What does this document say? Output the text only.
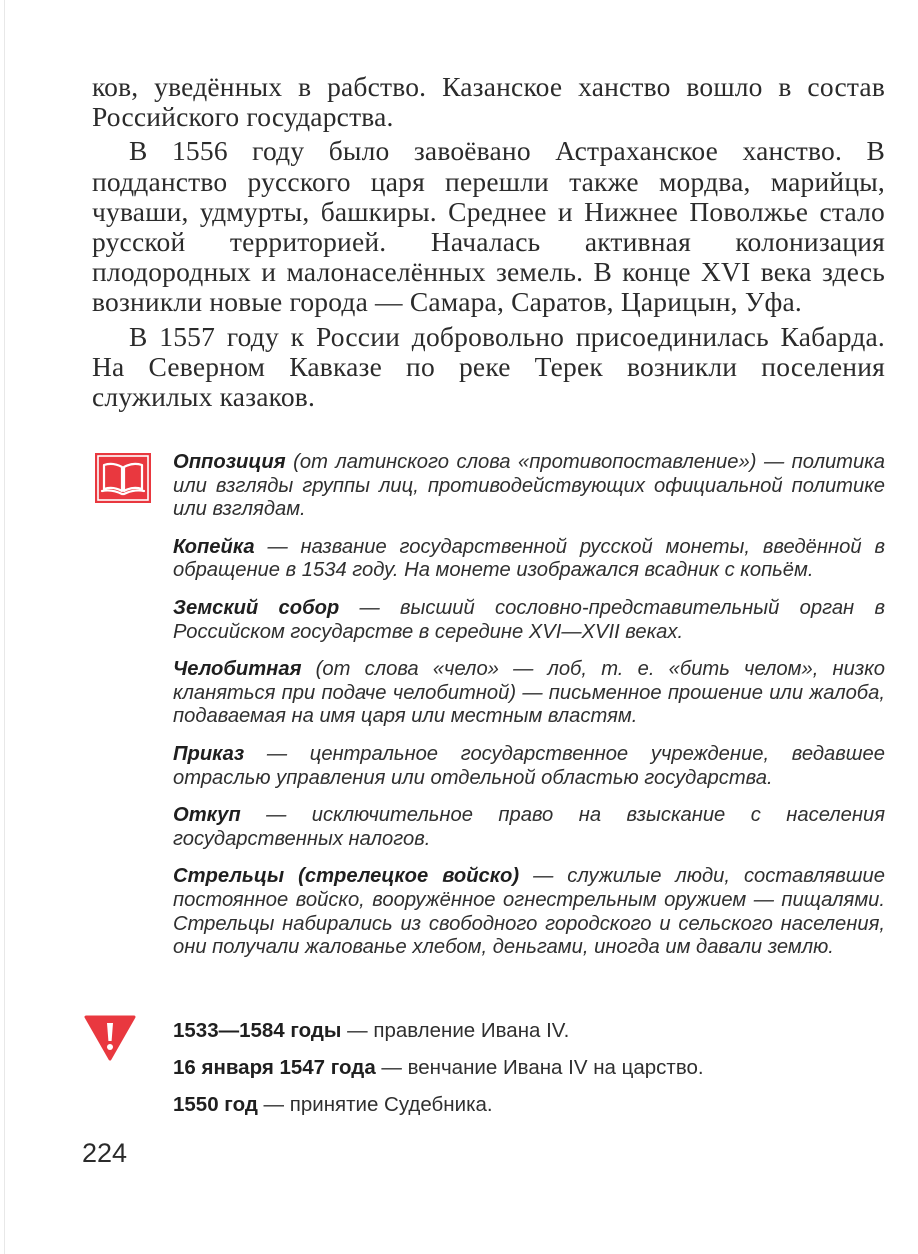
ков, уведённых в рабство. Казанское ханство вошло в состав Российского государства.

В 1556 году было завоёвано Астраханское ханство. В подданство русского царя перешли также мордва, марийцы, чуваши, удмурты, башкиры. Среднее и Нижнее Поволжье стало русской территорией. Началась активная колонизация плодородных и малонаселённых земель. В конце XVI века здесь возникли новые города — Самара, Саратов, Царицын, Уфа.

В 1557 году к России добровольно присоединилась Кабарда. На Северном Кавказе по реке Терек возникли поселения служилых казаков.

Оппозиция (от латинского слова «противопоставление») — политика или взгляды группы лиц, противодействующих официальной политике или взглядам.

Копейка — название государственной русской монеты, введённой в обращение в 1534 году. На монете изображался всадник с копьём.

Земский собор — высший сословно-представительный орган в Российском государстве в середине XVI—XVII веках.

Челобитная (от слова «чело» — лоб, т. е. «бить челом», низко кланяться при подаче челобитной) — письменное прошение или жалоба, подаваемая на имя царя или местным властям.

Приказ — центральное государственное учреждение, ведавшее отраслью управления или отдельной областью государства.

Откуп — исключительное право на взыскание с населения государственных налогов.

Стрельцы (стрелецкое войско) — служилые люди, составлявшие постоянное войско, вооружённое огнестрельным оружием — пищалями. Стрельцы набирались из свободного городского и сельского населения, они получали жалованье хлебом, деньгами, иногда им давали землю.

1533—1584 годы — правление Ивана IV.

16 января 1547 года — венчание Ивана IV на царство.

1550 год — принятие Судебника.

224
